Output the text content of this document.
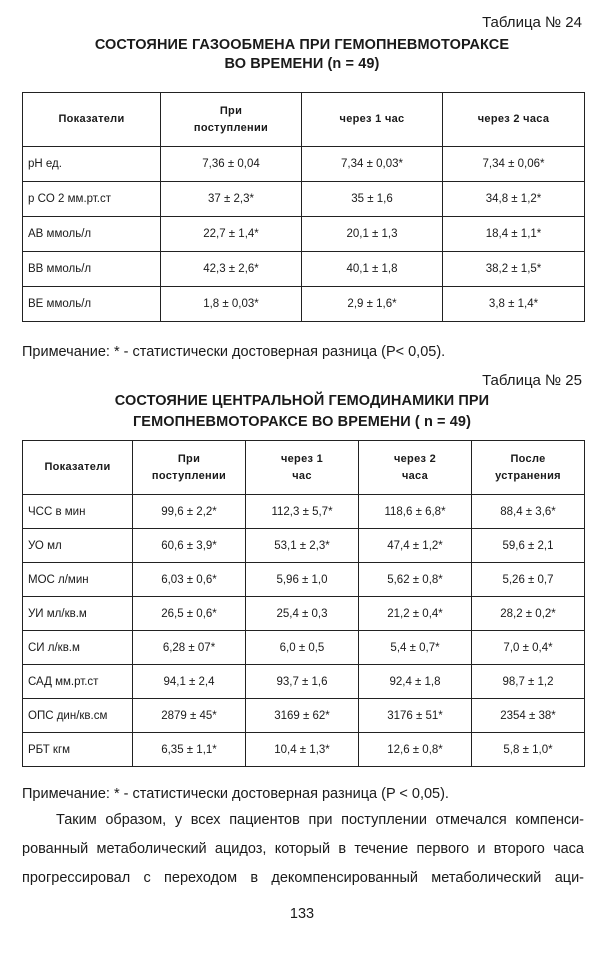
Таблица № 24
СОСТОЯНИЕ ГАЗООБМЕНА ПРИ ГЕМОПНЕВМОТОРАКСЕ
ВО ВРЕМЕНИ (n = 49)
Показатели	При поступлении	через 1 час	через 2 часа
pH ед.	7,36 ± 0,04	7,34 ± 0,03*	7,34 ± 0,06*
p CO 2 мм.рт.ст	37 ± 2,3*	35 ± 1,6	34,8 ± 1,2*
АВ ммоль/л	22,7 ± 1,4*	20,1 ± 1,3	18,4 ± 1,1*
ВВ ммоль/л	42,3 ± 2,6*	40,1 ± 1,8	38,2 ± 1,5*
ВЕ ммоль/л	1,8 ± 0,03*	2,9 ± 1,6*	3,8 ± 1,4*
Примечание: * - статистически достоверная разница (P< 0,05).
Таблица № 25
СОСТОЯНИЕ ЦЕНТРАЛЬНОЙ ГЕМОДИНАМИКИ ПРИ
ГЕМОПНЕВМОТОРАКСЕ ВО ВРЕМЕНИ ( n = 49)
Показатели	При поступлении	через 1 час	через 2 часа	После устранения
ЧСС в мин	99,6 ± 2,2*	112,3 ± 5,7*	118,6 ± 6,8*	88,4 ± 3,6*
УО мл	60,6 ± 3,9*	53,1 ± 2,3*	47,4 ± 1,2*	59,6 ± 2,1
МОС л/мин	6,03 ± 0,6*	5,96 ± 1,0	5,62 ± 0,8*	5,26 ± 0,7
УИ мл/кв.м	26,5 ± 0,6*	25,4 ± 0,3	21,2 ± 0,4*	28,2 ± 0,2*
СИ л/кв.м	6,28 ± 07*	6,0 ± 0,5	5,4 ± 0,7*	7,0 ± 0,4*
САД мм.рт.ст	94,1 ± 2,4	93,7 ± 1,6	92,4 ± 1,8	98,7 ± 1,2
ОПС дин/кв.см	2879 ± 45*	3169 ± 62*	3176 ± 51*	2354 ± 38*
РБТ кгм	6,35 ± 1,1*	10,4 ± 1,3*	12,6 ± 0,8*	5,8 ± 1,0*
Примечание: * - статистически достоверная разница (P < 0,05).
Таким образом, у всех пациентов при поступлении отмечался компенси-
рованный метаболический ацидоз, который в течение первого и второго часа
прогрессировал с переходом в декомпенсированный метаболический аци-
133
